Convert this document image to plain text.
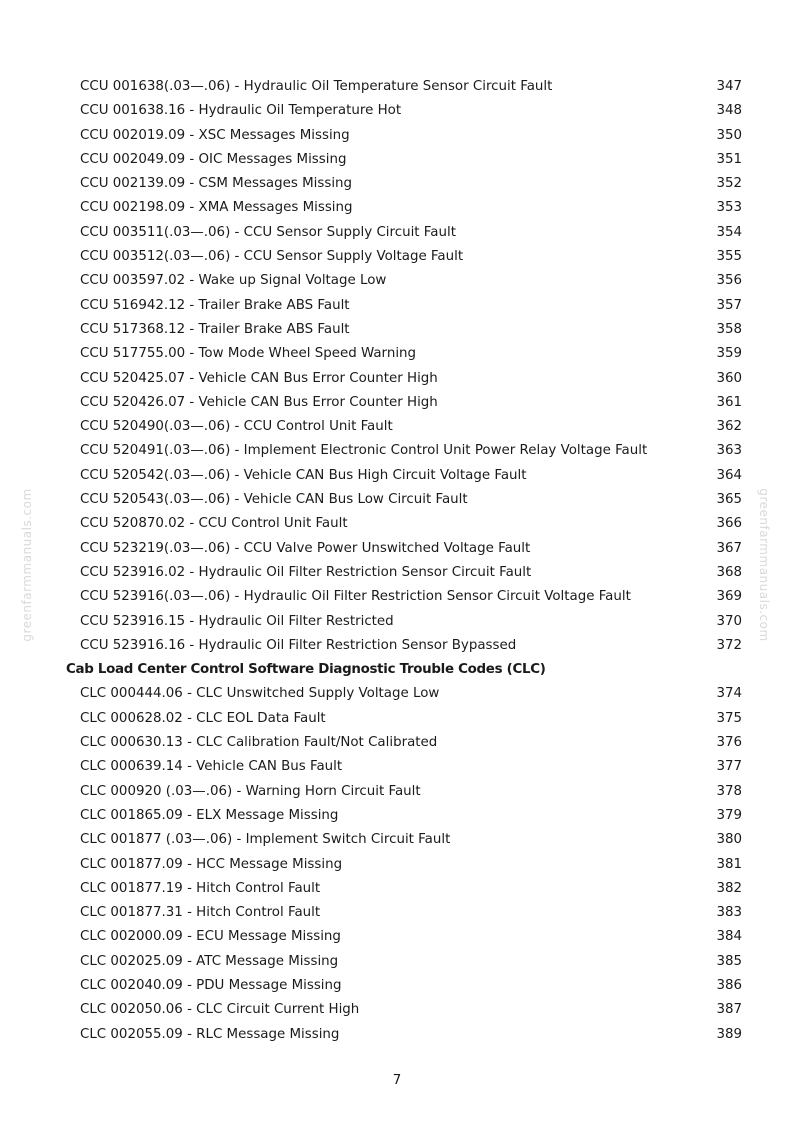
CCU 001638(.03—.06) - Hydraulic Oil Temperature Sensor Circuit Fault	347
CCU 001638.16 - Hydraulic Oil Temperature Hot	348
CCU 002019.09 - XSC Messages Missing	350
CCU 002049.09 - OIC Messages Missing	351
CCU 002139.09 - CSM Messages Missing	352
CCU 002198.09 - XMA Messages Missing	353
CCU 003511(.03—.06) - CCU Sensor Supply Circuit Fault	354
CCU 003512(.03—.06) - CCU Sensor Supply Voltage Fault	355
CCU 003597.02 - Wake up Signal Voltage Low	356
CCU 516942.12 - Trailer Brake ABS Fault	357
CCU 517368.12 - Trailer Brake ABS Fault	358
CCU 517755.00 - Tow Mode Wheel Speed Warning	359
CCU 520425.07 - Vehicle CAN Bus Error Counter High	360
CCU 520426.07 - Vehicle CAN Bus Error Counter High	361
CCU 520490(.03—.06) - CCU Control Unit Fault	362
CCU 520491(.03—.06) - Implement Electronic Control Unit Power Relay Voltage Fault	363
CCU 520542(.03—.06) - Vehicle CAN Bus High Circuit Voltage Fault	364
CCU 520543(.03—.06) - Vehicle CAN Bus Low Circuit Fault	365
CCU 520870.02 - CCU Control Unit Fault	366
CCU 523219(.03—.06) - CCU Valve Power Unswitched Voltage Fault	367
CCU 523916.02 - Hydraulic Oil Filter Restriction Sensor Circuit Fault	368
CCU 523916(.03—.06) - Hydraulic Oil Filter Restriction Sensor Circuit Voltage Fault	369
CCU 523916.15 - Hydraulic Oil Filter Restricted	370
CCU 523916.16 - Hydraulic Oil Filter Restriction Sensor Bypassed	372
Cab Load Center Control Software Diagnostic Trouble Codes (CLC)
CLC 000444.06 - CLC Unswitched Supply Voltage Low	374
CLC 000628.02 - CLC EOL Data Fault	375
CLC 000630.13 - CLC Calibration Fault/Not Calibrated	376
CLC 000639.14 - Vehicle CAN Bus Fault	377
CLC 000920 (.03—.06) - Warning Horn Circuit Fault	378
CLC 001865.09 - ELX Message Missing	379
CLC 001877 (.03—.06) - Implement Switch Circuit Fault	380
CLC 001877.09 - HCC Message Missing	381
CLC 001877.19 - Hitch Control Fault	382
CLC 001877.31 - Hitch Control Fault	383
CLC 002000.09 - ECU Message Missing	384
CLC 002025.09 - ATC Message Missing	385
CLC 002040.09 - PDU Message Missing	386
CLC 002050.06 - CLC Circuit Current High	387
CLC 002055.09 - RLC Message Missing	389
greenfarmmanuals.com	greenfarmmanuals.com
7
